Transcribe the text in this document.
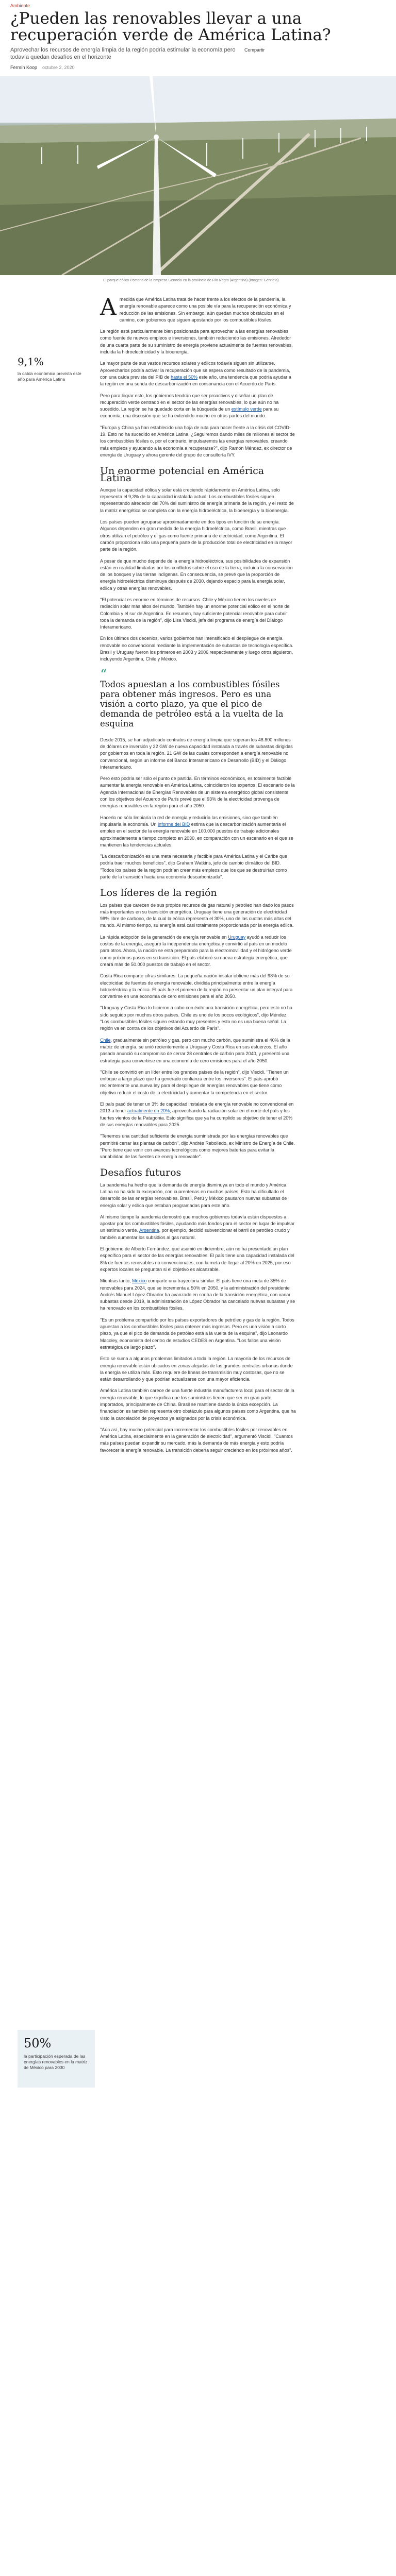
Ambiente
¿Pueden las renovables llevar a una recuperación verde de América Latina?
Aprovechar los recursos de energía limpia de la región podría estimular la economía pero todavía quedan desafíos en el horizonte
Compartir
Fermín Koop octubre 2, 2020
El parque eólico Pomona de la empresa Genneia en la provincia de Río Negro (Argentina) (Imagen: Genneia)
9,1%
la caída económica prevista este año para América Latina
50%
la participación esperada de las energías renovables en la matriz de México para 2030

Amedida que América Latina trata de hacer frente a los efectos de la pandemia, la energía renovable aparece como una posible vía para la recuperación económica y reducción de las emisiones. Sin embargo, aún quedan muchos obstáculos en el camino, con gobiernos que siguen apostando por los combustibles fósiles.

La región está particularmente bien posicionada para aprovechar a las energías renovables como fuente de nuevos empleos e inversiones, también reduciendo las emisiones. Alrededor de una cuarta parte de su suministro de energía proviene actualmente de fuentes renovables, incluida la hidroelectricidad y la bioenergía.

La mayor parte de sus vastos recursos solares y eólicos todavía siguen sin utilizarse. Aprovecharlos podría activar la recuperación que se espera como resultado de la pandemia, con una caída prevista del PIB de hasta el 50% este año, una tendencia que podría ayudar a la región en una senda de descarbonización en consonancia con el Acuerdo de París.

Pero para lograr esto, los gobiernos tendrán que ser proactivos y diseñar un plan de recuperación verde centrado en el sector de las energías renovables, lo que aún no ha sucedido. La región se ha quedado corta en la búsqueda de un estímulo verde para su economía, una discusión que se ha extendido mucho en otras partes del mundo.

"Europa y China ya han establecido una hoja de ruta para hacer frente a la crisis del COVID-19. Esto no ha sucedido en América Latina. ¿Seguiremos dando miles de millones al sector de los combustibles fósiles o, por el contrario, impulsaremos las energías renovables, creando más empleos y ayudando a la economía a recuperarse?", dijo Ramón Méndez, ex director de energía de Uruguay y ahora gerente del grupo de consultoría IVY.

Un enorme potencial en América Latina

Aunque la capacidad eólica y solar está creciendo rápidamente en América Latina, solo representa el 9,3% de la capacidad instalada actual. Los combustibles fósiles siguen representando alrededor del 70% del suministro de energía primaria de la región, y el resto de la matriz energética se completa con la energía hidroeléctrica, la bioenergía y la bioenergía.

Los países pueden agruparse aproximadamente en dos tipos en función de su energía. Algunos dependen en gran medida de la energía hidroeléctrica, como Brasil, mientras que otros utilizan el petróleo y el gas como fuente primaria de electricidad, como Argentina. El carbón proporciona sólo una pequeña parte de la producción total de electricidad en la mayor parte de la región.

A pesar de que mucho depende de la energía hidroeléctrica, sus posibilidades de expansión están en realidad limitadas por los conflictos sobre el uso de la tierra, incluida la conservación de los bosques y las tierras indígenas. En consecuencia, se prevé que la proporción de energía hidroeléctrica disminuya después de 2030, dejando espacio para la energía solar, eólica y otras energías renovables.

"El potencial es enorme en términos de recursos. Chile y México tienen los niveles de radiación solar más altos del mundo. También hay un enorme potencial eólico en el norte de Colombia y el sur de Argentina. En resumen, hay suficiente potencial renovable para cubrir toda la demanda de la región", dijo Lisa Viscidi, jefa del programa de energía del Diálogo Interamericano.

En los últimos dos decenios, varios gobiernos han intensificado el despliegue de energía renovable no convencional mediante la implementación de subastas de tecnología específica. Brasil y Uruguay fueron los primeros en 2003 y 2006 respectivamente y luego otros siguieron, incluyendo Argentina, Chile y México.

“
Todos apuestan a los combustibles fósiles para obtener más ingresos. Pero es una visión a corto plazo, ya que el pico de demanda de petróleo está a la vuelta de la esquina

Desde 2015, se han adjudicado contratos de energía limpia que superan los 48.800 millones de dólares de inversión y 22 GW de nueva capacidad instalada a través de subastas dirigidas por gobiernos en toda la región. 21 GW de las cuales corresponden a energía renovable no convencional, según un informe del Banco Interamericano de Desarrollo (BID) y el Diálogo Interamericano.

Pero esto podría ser sólo el punto de partida. En términos económicos, es totalmente factible aumentar la energía renovable en América Latina, coincidieron los expertos. El escenario de la Agencia Internacional de Energías Renovables de un sistema energético global consistente con los objetivos del Acuerdo de París prevé que el 93% de la electricidad provenga de energías renovables en la región para el año 2050.

Hacerlo no sólo limpiaría la red de energía y reduciría las emisiones, sino que también impulsaría la economía. Un informe del BID estima que la descarbonización aumentaría el empleo en el sector de la energía renovable en 100.000 puestos de trabajo adicionales aproximadamente a tiempo completo en 2030, en comparación con un escenario en el que se mantienen las tendencias actuales.

"La descarbonización es una meta necesaria y factible para América Latina y el Caribe que podría traer muchos beneficios", dijo Graham Watkins, jefe de cambio climático del BID. "Todos los países de la región podrían crear más empleos que los que se destruirían como parte de la transición hacia una economía descarbonizada".

Los líderes de la región

Los países que carecen de sus propios recursos de gas natural y petróleo han dado los pasos más importantes en su transición energética. Uruguay tiene una generación de electricidad 98% libre de carbono, de la cual la eólica representa el 30%, uno de las cuotas más altas del mundo. Al mismo tiempo, su energía está casi totalmente proporcionada por la energía eólica.

La rápida adopción de la generación de energía renovable en Uruguay ayudó a reducir los costos de la energía, aseguró la independencia energética y convirtió al país en un modelo para otros. Ahora, la nación se está preparando para la electromovilidad y el hidrógeno verde como próximos pasos en su transición. El país elaboró su nueva estrategia energética, que creará más de 50.000 puestos de trabajo en el sector.

Costa Rica comparte cifras similares. La pequeña nación insular obtiene más del 98% de su electricidad de fuentes de energía renovable, dividida principalmente entre la energía hidroeléctrica y la eólica. El país fue el primero de la región en presentar un plan integral para convertirse en una economía de cero emisiones para el año 2050.

"Uruguay y Costa Rica lo hicieron a cabo con éxito una transición energética, pero esto no ha sido seguido por muchos otros países. Chile es uno de los pocos ecológicos", dijo Méndez. "Los combustibles fósiles siguen estando muy presentes y esto no es una buena señal. La región va en contra de los objetivos del Acuerdo de París".

Chile, gradualmente sin petróleo y gas, pero con mucho carbón, que suministra el 40% de la matriz de energía, se unió recientemente a Uruguay y Costa Rica en sus esfuerzos. El año pasado anunció su compromiso de cerrar 28 centrales de carbón para 2040, y presentó una estrategia para convertirse en una economía de cero emisiones para el año 2050.

"Chile se convirtió en un líder entre los grandes países de la región", dijo Viscidi. "Tienen un enfoque a largo plazo que ha generado confianza entre los inversores". El país aprobó recientemente una nueva ley para el despliegue de energías renovables que tiene como objetivo reducir el costo de la electricidad y aumentar la competencia en el sector.

El país pasó de tener un 3% de capacidad instalada de energía renovable no convencional en 2013 a tener actualmente un 20%, aprovechando la radiación solar en el norte del país y los fuertes vientos de la Patagonia. Esto significa que ya ha cumplido su objetivo de tener el 20% de sus energías renovables para 2025.

"Tenemos una cantidad suficiente de energía suministrada por las energías renovables que permitirá cerrar las plantas de carbón", dijo Andrés Rebolledo, ex Ministro de Energía de Chile. "Pero tiene que venir con avances tecnológicos como mejores baterías para evitar la variabilidad de las fuentes de energía renovable".

Desafíos futuros

La pandemia ha hecho que la demanda de energía disminuya en todo el mundo y América Latina no ha sido la excepción, con cuarentenas en muchos países. Esto ha dificultado el desarrollo de las energías renovables. Brasil, Perú y México pausaron nuevas subastas de energía solar y eólica que estaban programadas para este año.

Al mismo tiempo la pandemia demostró que muchos gobiernos todavía están dispuestos a apostar por los combustibles fósiles, ayudando más fondos para el sector en lugar de impulsar un estímulo verde. Argentina, por ejemplo, decidió subvencionar el barril de petróleo crudo y también aumentar los subsidios al gas natural.

El gobierno de Alberto Fernández, que asumió en diciembre, aún no ha presentado un plan específico para el sector de las energías renovables. El país tiene una capacidad instalada del 8% de fuentes renovables no convencionales, con la meta de llegar al 20% en 2025, por eso expertos locales se preguntan si el objetivo es alcanzable.

Mientras tanto, México comparte una trayectoria similar. El país tiene una meta de 35% de renovables para 2024, que se incrementa a 50% en 2050, y la administración del presidente Andrés Manuel López Obrador ha avanzado en contra de la transición energética, con variar subastas desde 2019, la administración de López Obrador ha cancelado nuevas subastas y se ha renovado en los combustibles fósiles.

"Es un problema compartido por los países exportadores de petróleo y gas de la región. Todos apuestan a los combustibles fósiles para obtener más ingresos. Pero es una visión a corto plazo, ya que el pico de demanda de petróleo está a la vuelta de la esquina", dijo Leonardo Macoley, economista del centro de estudios CEDES en Argentina. "Los fallos una visión estratégica de largo plazo".

Esto se suma a algunos problemas limitados a toda la región. La mayoría de los recursos de energía renovable están ubicados en zonas alejadas de las grandes centrales urbanas donde la energía se utiliza más. Esto requiere de líneas de transmisión muy costosas, que no se están desarrollando y que podrían actualizarse con una mayor eficiencia.

América Latina también carece de una fuerte industria manufacturera local para el sector de la energía renovable, lo que significa que los suministros tienen que ser en gran parte importados, principalmente de China. Brasil se mantiene dando la única excepción. La financiación es también representa otro obstáculo para algunos países como Argentina, que ha visto la cancelación de proyectos ya asignados por la crisis económica.

"Aún así, hay mucho potencial para incrementar los combustibles fósiles por renovables en América Latina, especialmente en la generación de electricidad", argumentó Viscidi. "Cuantos más países puedan expandir su mercado, más la demanda de más energía y esto podría favorecer la energía renovable. La transición debería seguir creciendo en los próximos años".
